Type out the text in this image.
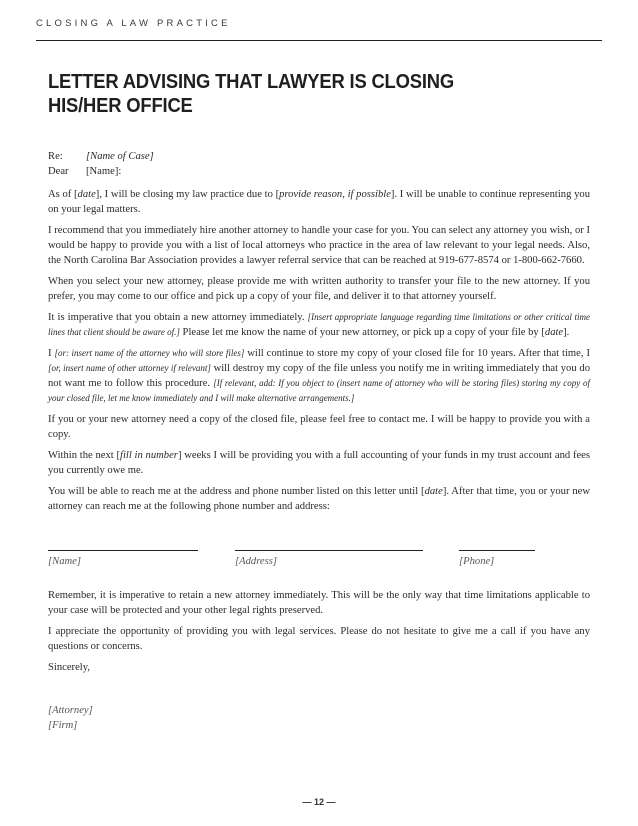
CLOSING A LAW PRACTICE
LETTER ADVISING THAT LAWYER IS CLOSING HIS/HER OFFICE
Re:	[Name of Case]
Dear	[Name]:

As of [date], I will be closing my law practice due to [provide reason, if possible]. I will be unable to continue representing you on your legal matters.

I recommend that you immediately hire another attorney to handle your case for you. You can select any attorney you wish, or I would be happy to provide you with a list of local attorneys who practice in the area of law relevant to your legal needs. Also, the North Carolina Bar Association provides a lawyer referral service that can be reached at 919-677-8574 or 1-800-662-7660.

When you select your new attorney, please provide me with written authority to transfer your file to the new attorney. If you prefer, you may come to our office and pick up a copy of your file, and deliver it to that attorney yourself.

It is imperative that you obtain a new attorney immediately. [Insert appropriate language regarding time limitations or other critical time lines that client should be aware of.] Please let me know the name of your new attorney, or pick up a copy of your file by [date].

I [or: insert name of the attorney who will store files] will continue to store my copy of your closed file for 10 years. After that time, I [or, insert name of other attorney if relevant] will destroy my copy of the file unless you notify me in writing immediately that you do not want me to follow this procedure. [If relevant, add: If you object to (insert name of attorney who will be storing files) storing my copy of your closed file, let me know immediately and I will make alternative arrangements.]

If you or your new attorney need a copy of the closed file, please feel free to contact me. I will be happy to provide you with a copy.

Within the next [fill in number] weeks I will be providing you with a full accounting of your funds in my trust account and fees you currently owe me.

You will be able to reach me at the address and phone number listed on this letter until [date]. After that time, you or your new attorney can reach me at the following phone number and address:

[Name]	[Address]	[Phone]

Remember, it is imperative to retain a new attorney immediately. This will be the only way that time limitations applicable to your case will be protected and your other legal rights preserved.

I appreciate the opportunity of providing you with legal services. Please do not hesitate to give me a call if you have any questions or concerns.

Sincerely,

[Attorney]
[Firm]
— 12 —
